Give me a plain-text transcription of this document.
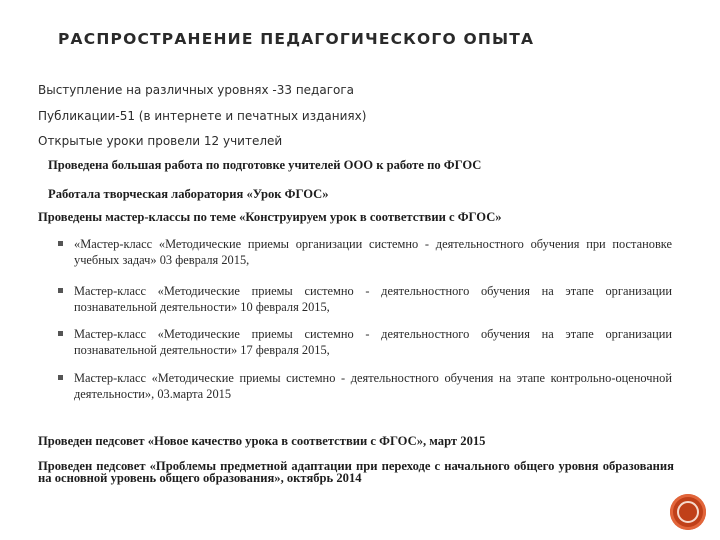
РАСПРОСТРАНЕНИЕ ПЕДАГОГИЧЕСКОГО ОПЫТА
Выступление на различных уровнях -33 педагога
Публикации-51 (в интернете и печатных изданиях)
Открытые уроки провели 12 учителей
Проведена большая работа по подготовке учителей ООО к работе по ФГОС
Работала творческая лаборатория «Урок ФГОС»
Проведены мастер-классы по теме «Конструируем урок в соответствии с ФГОС»
«Мастер-класс «Методические приемы организации системно - деятельностного обучения при постановке учебных задач» 03 февраля 2015,
Мастер-класс «Методические приемы системно - деятельностного обучения на этапе организации познавательной деятельности» 10 февраля 2015,
Мастер-класс «Методические приемы системно - деятельностного обучения на этапе организации познавательной деятельности» 17 февраля 2015,
Мастер-класс «Методические приемы системно - деятельностного обучения на этапе контрольно-оценочной деятельности», 03.марта 2015
Проведен педсовет «Новое качество урока в соответствии с ФГОС», март 2015
Проведен педсовет «Проблемы предметной адаптации при переходе с начального общего уровня образования на основной уровень общего образования», октябрь 2014
